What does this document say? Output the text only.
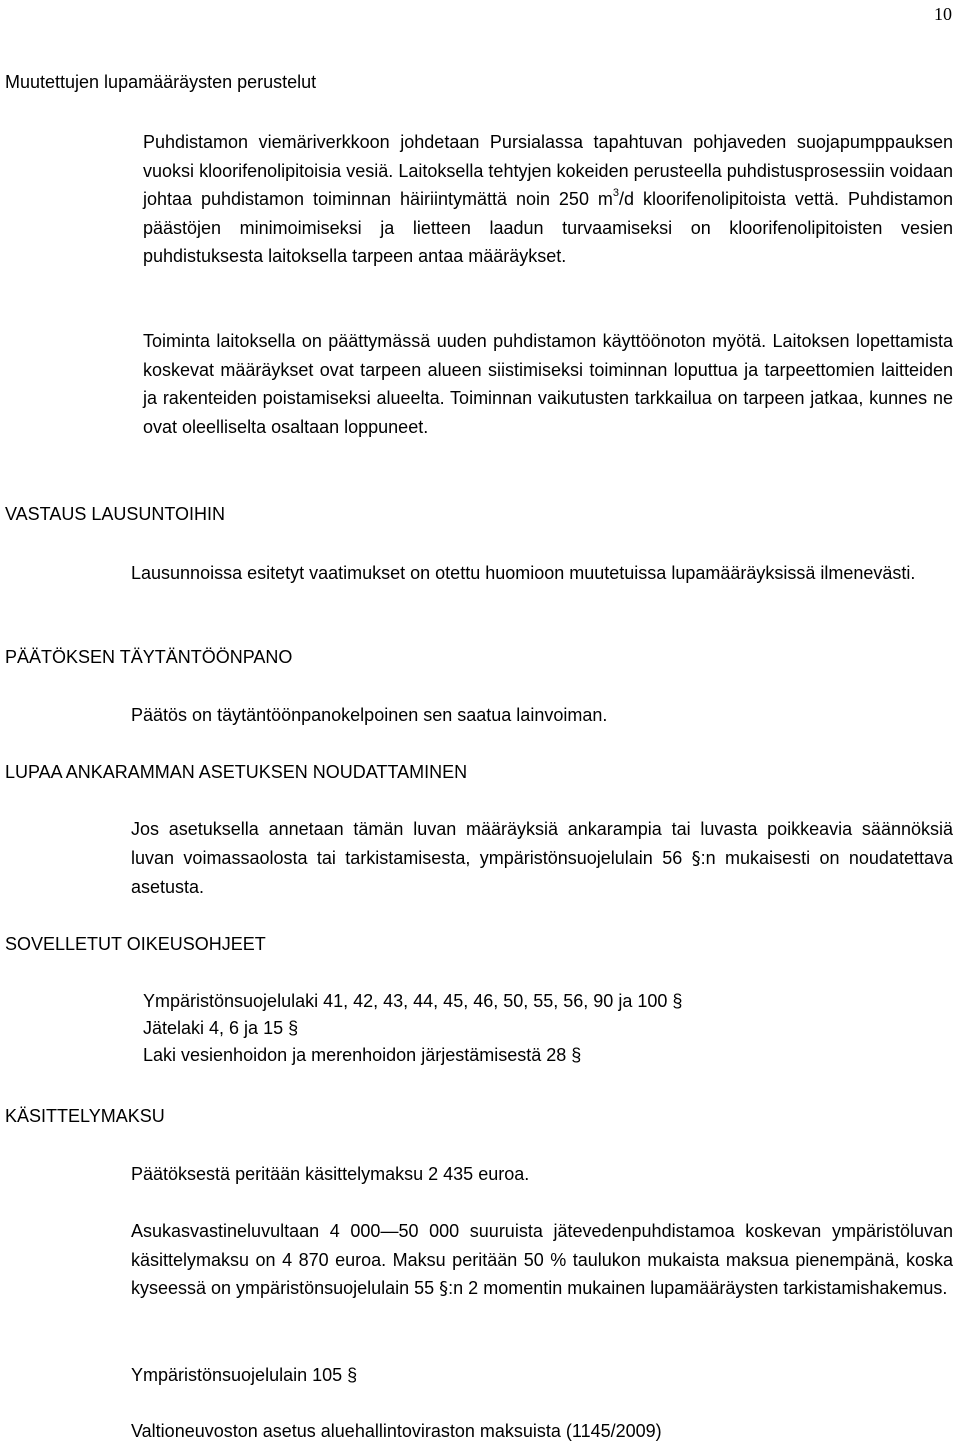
10
Muutettujen lupamääräysten perustelut

Puhdistamon viemäriverkkoon johdetaan Pursialassa tapahtuvan pohjaveden suojapumppauksen vuoksi kloorifenolipitoisia vesiä. Laitoksella tehtyjen kokeiden perusteella puhdistusprosessiin voidaan johtaa puhdistamon toiminnan häiriintymättä noin 250 $m^3/d$ kloorifenolipitoista vettä. Puhdistamon päästöjen minimoimiseksi ja lietteen laadun turvaamiseksi on kloorifenolipitoisten vesien puhdistuksesta laitoksella tarpeen antaa määräykset.

Toiminta laitoksella on päättymässä uuden puhdistamon käyttöönoton myötä. Laitoksen lopettamista koskevat määräykset ovat tarpeen alueen siistimiseksi toiminnan loputtua ja tarpeettomien laitteiden ja rakenteiden poistamiseksi alueelta. Toiminnan vaikutusten tarkkailua on tarpeen jatkaa, kunnes ne ovat oleelliselta osaltaan loppuneet.

VASTAUS LAUSUNTOIHIN

Lausunnoissa esitetyt vaatimukset on otettu huomioon muutetuissa lupamääräyksissä ilmenevästi.

PÄÄTÖKSEN TÄYTÄNTÖÖNPANO

Päätös on täytäntöönpanokelpoinen sen saatua lainvoiman.

LUPAA ANKARAMMAN ASETUKSEN NOUDATTAMINEN

Jos asetuksella annetaan tämän luvan määräyksiä ankarampia tai luvasta poikkeavia säännöksiä luvan voimassaolosta tai tarkistamisesta, ympäristönsuojelulain 56 §:n mukaisesti on noudatettava asetusta.

SOVELLETUT OIKEUSOHJEET
Ympäristönsuojelulaki 41, 42, 43, 44, 45, 46, 50, 55, 56, 90 ja 100 §
Jätelaki 4, 6 ja 15 §
Laki vesienhoidon ja merenhoidon järjestämisestä 28 §
KÄSITTELYMAKSU

Päätöksestä peritään käsittelymaksu 2 435 euroa.

Asukasvastineluvultaan 4 000—50 000 suuruista jätevedenpuhdistamoa koskevan ympäristöluvan käsittelymaksu on 4 870 euroa. Maksu peritään 50 % taulukon mukaista maksua pienempänä, koska kyseessä on ympäristönsuojelulain 55 §:n 2 momentin mukainen lupamääräysten tarkistamishakemus.

Ympäristönsuojelulain 105 §

Valtioneuvoston asetus aluehallintoviraston maksuista (1145/2009)
